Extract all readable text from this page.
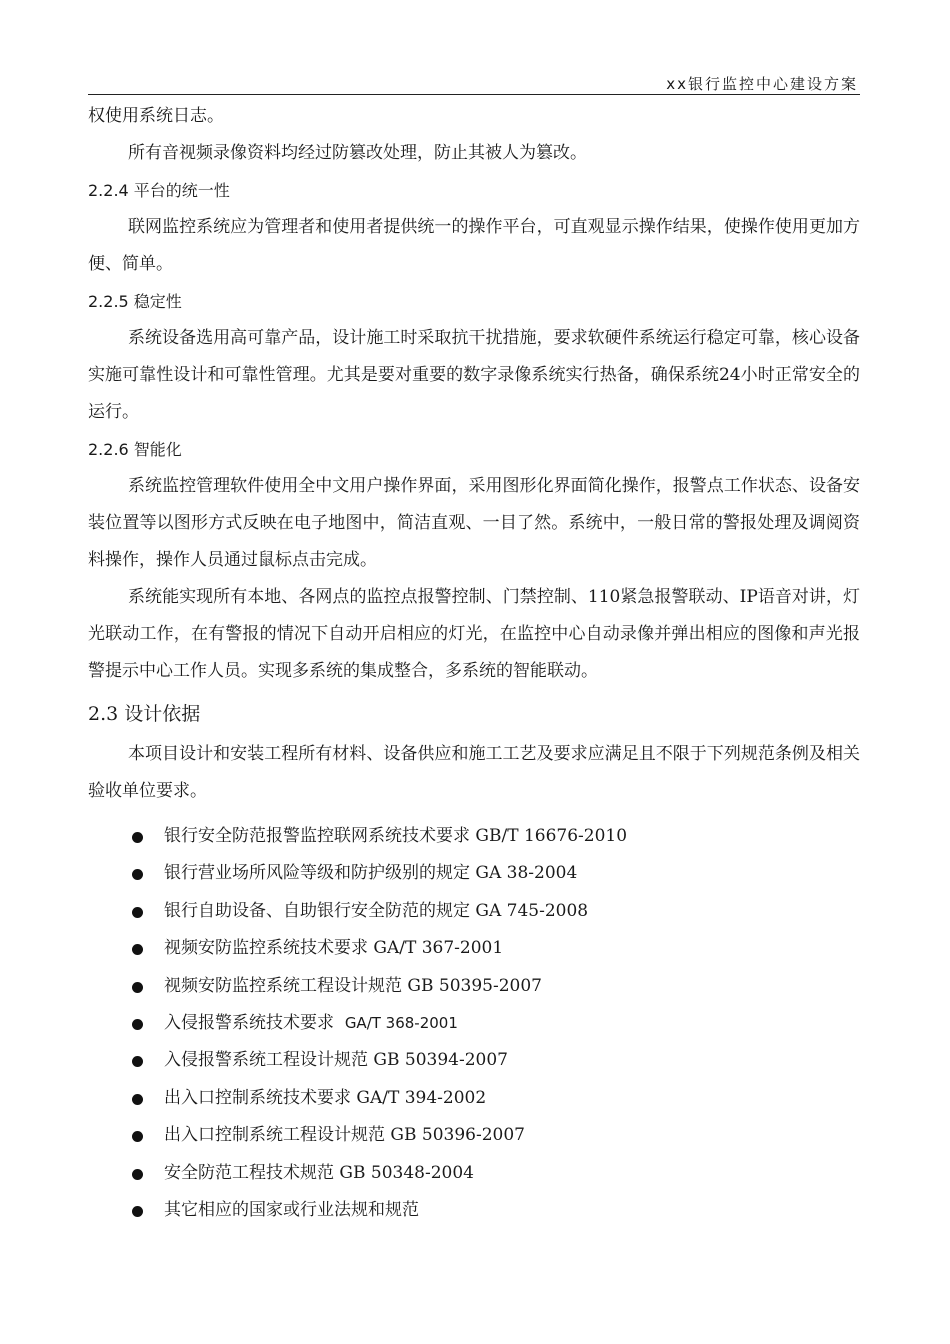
xx银行监控中心建设方案

权使用系统日志。

所有音视频录像资料均经过防篡改处理，防止其被人为篡改。

2.2.4 平台的统一性

联网监控系统应为管理者和使用者提供统一的操作平台，可直观显示操作结果，使操作使用更加方便、简单。

2.2.5 稳定性

系统设备选用高可靠产品，设计施工时采取抗干扰措施，要求软硬件系统运行稳定可靠，核心设备实施可靠性设计和可靠性管理。尤其是要对重要的数字录像系统实行热备，确保系统24小时正常安全的运行。

2.2.6 智能化

系统监控管理软件使用全中文用户操作界面，采用图形化界面简化操作，报警点工作状态、设备安装位置等以图形方式反映在电子地图中，简洁直观、一目了然。系统中，一般日常的警报处理及调阅资料操作，操作人员通过鼠标点击完成。

系统能实现所有本地、各网点的监控点报警控制、门禁控制、110紧急报警联动、IP语音对讲，灯光联动工作，在有警报的情况下自动开启相应的灯光，在监控中心自动录像并弹出相应的图像和声光报警提示中心工作人员。实现多系统的集成整合，多系统的智能联动。

2.3 设计依据

本项目设计和安装工程所有材料、设备供应和施工工艺及要求应满足且不限于下列规范条例及相关验收单位要求。

银行安全防范报警监控联网系统技术要求 GB/T 16676-2010
银行营业场所风险等级和防护级别的规定 GA 38-2004
银行自助设备、自助银行安全防范的规定 GA 745-2008
视频安防监控系统技术要求 GA/T 367-2001
视频安防监控系统工程设计规范 GB 50395-2007
入侵报警系统技术要求  GA/T 368-2001
入侵报警系统工程设计规范 GB 50394-2007
出入口控制系统技术要求 GA/T 394-2002
出入口控制系统工程设计规范 GB 50396-2007
安全防范工程技术规范 GB 50348-2004
其它相应的国家或行业法规和规范
